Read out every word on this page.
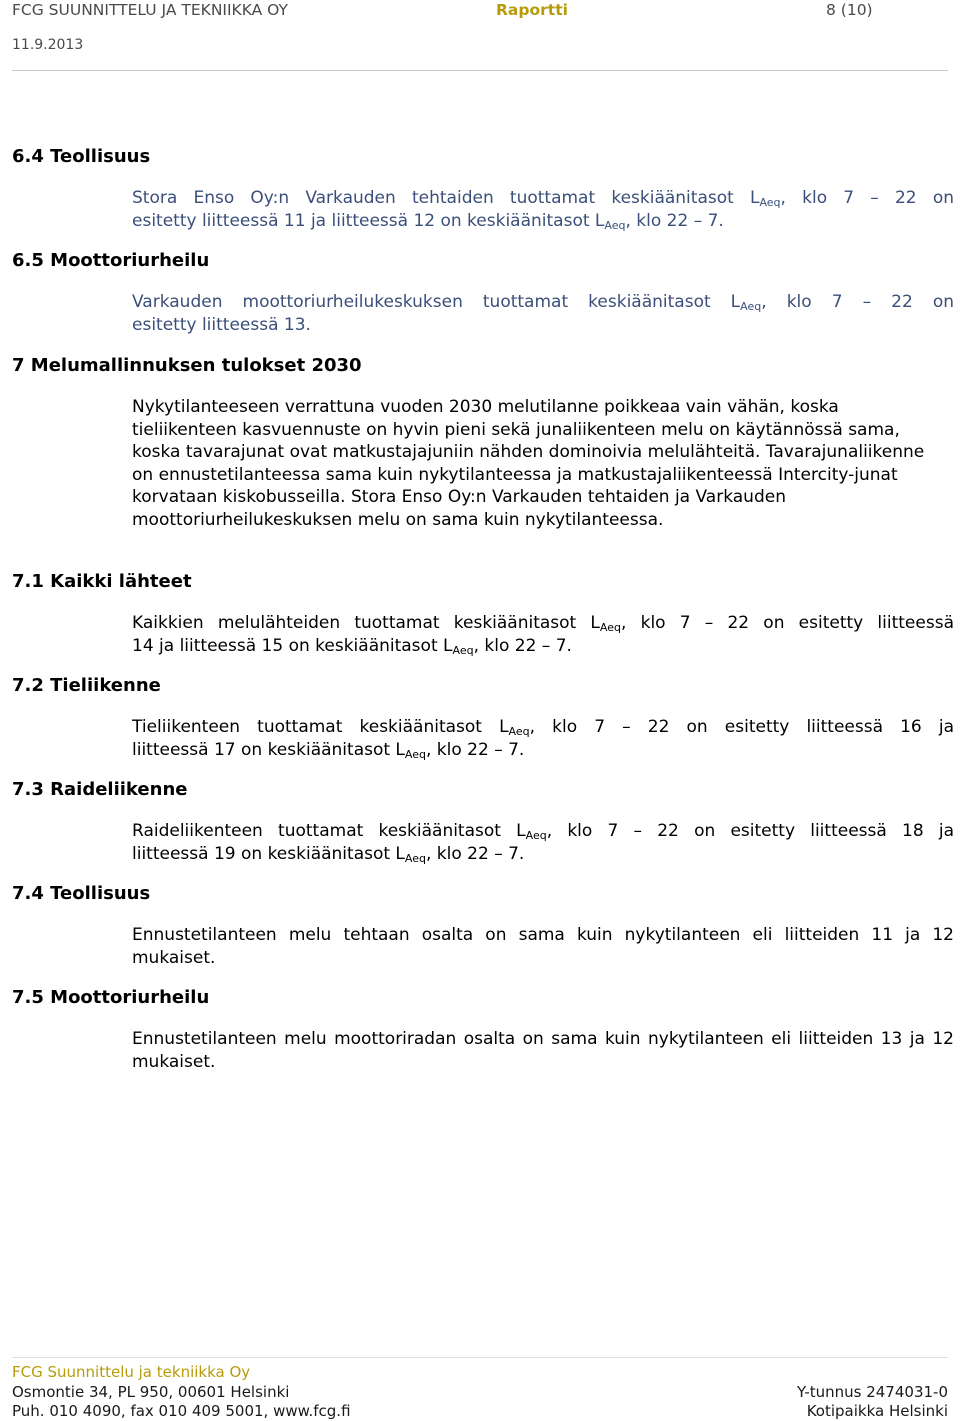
FCG SUUNNITTELU JA TEKNIIKKA OY	Raportti	8 (10)
11.9.2013
6.4 Teollisuus
Stora Enso Oy:n Varkauden tehtaiden tuottamat keskiäänitasot $L_{Aeq}$, klo 7 – 22 on
esitetty liitteessä 11 ja liitteessä 12 on keskiäänitasot $L_{Aeq}$, klo 22 – 7.
6.5 Moottoriurheilu
Varkauden moottoriurheilukeskuksen tuottamat keskiäänitasot $L_{Aeq}$, klo 7 – 22 on
esitetty liitteessä 13.
7 Melumallinnuksen tulokset 2030
Nykytilanteeseen verrattuna vuoden 2030 melutilanne poikkeaa vain vähän, koska tieliikenteen kasvuennuste on hyvin pieni sekä junaliikenteen melu on käytännössä sama, koska tavarajunat ovat matkustajajuniin nähden dominoivia melulähteitä. Tavarajunaliikenne on ennustetilanteessa sama kuin nykytilanteessa ja matkustajaliikenteessä Intercity-junat korvataan kiskobusseilla. Stora Enso Oy:n Varkauden tehtaiden ja Varkauden moottoriurheilukeskuksen melu on sama kuin nykytilanteessa.
7.1 Kaikki lähteet
Kaikkien melulähteiden tuottamat keskiäänitasot $L_{Aeq}$, klo 7 – 22 on esitetty liitteessä
14 ja liitteessä 15 on keskiäänitasot $L_{Aeq}$, klo 22 – 7.
7.2 Tieliikenne
Tieliikenteen tuottamat keskiäänitasot $L_{Aeq}$, klo 7 – 22 on esitetty liitteessä 16 ja
liitteessä 17 on keskiäänitasot $L_{Aeq}$, klo 22 – 7.
7.3 Raideliikenne
Raideliikenteen tuottamat keskiäänitasot $L_{Aeq}$, klo 7 – 22 on esitetty liitteessä 18 ja
liitteessä 19 on keskiäänitasot $L_{Aeq}$, klo 22 – 7.
7.4 Teollisuus
Ennustetilanteen melu tehtaan osalta on sama kuin nykytilanteen eli liitteiden 11 ja 12 mukaiset.
7.5 Moottoriurheilu
Ennustetilanteen melu moottoriradan osalta on sama kuin nykytilanteen eli liitteiden 13 ja 12 mukaiset.
FCG Suunnittelu ja tekniikka Oy
Osmontie 34, PL 950, 00601 Helsinki
Puh. 010 4090, fax 010 409 5001, www.fcg.fi
Y-tunnus 2474031-0
Kotipaikka Helsinki
